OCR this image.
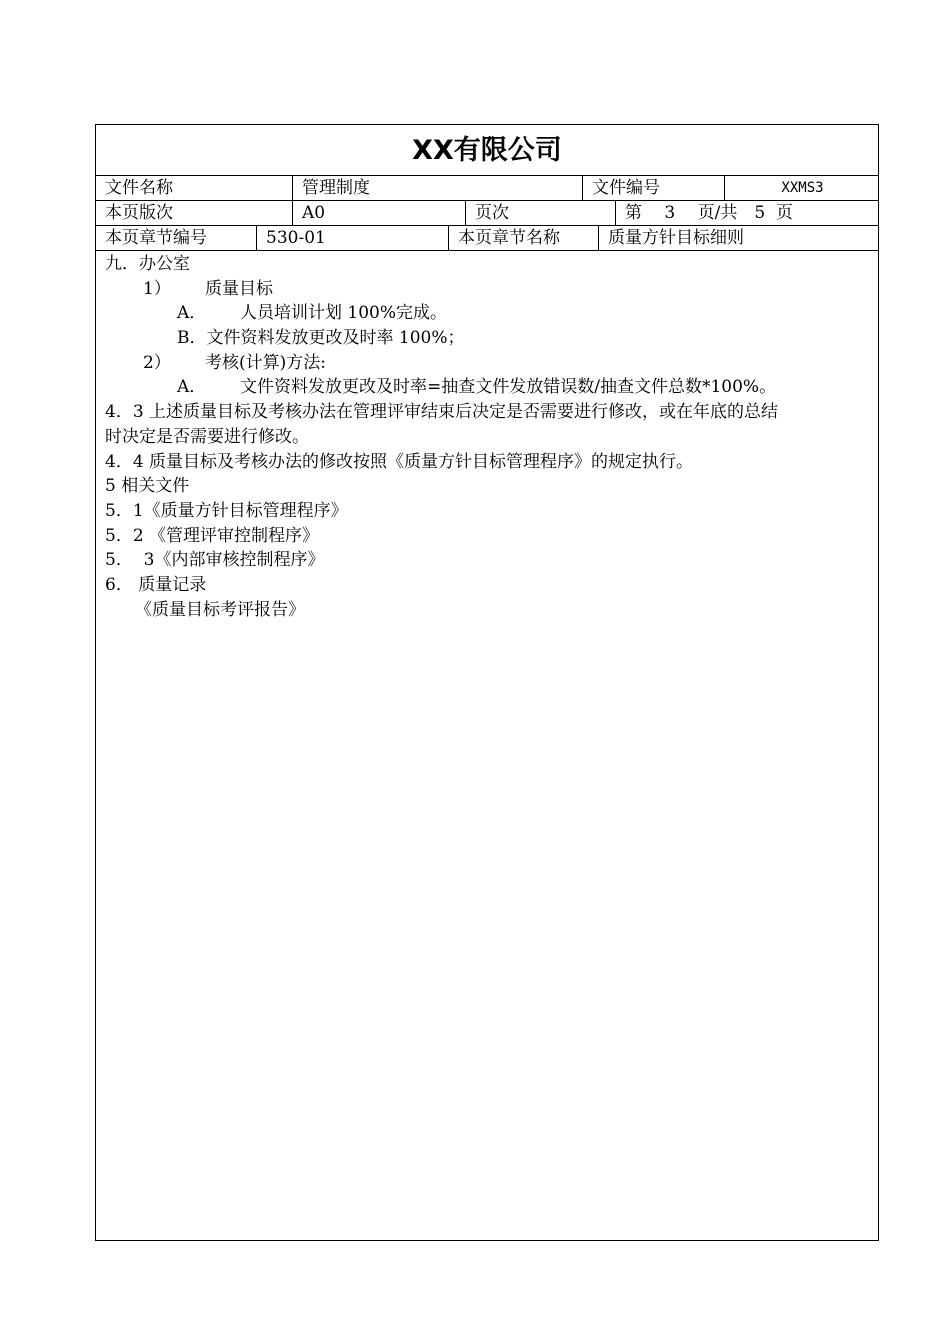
XX有限公司
文件名称	管理制度	文件编号	XXMS3
本页版次	A0	页次	第　 3　 页/共　5  页
本页章节编号	530-01	本页章节名称	质量方针目标细则
九．办公室
1） 质量目标
A． 人员培训计划 100%完成。
B．文件资料发放更改及时率 100%；
2） 考核(计算)方法:
A． 文件资料发放更改及时率=抽查文件发放错误数/抽查文件总数*100%。
4．3 上述质量目标及考核办法在管理评审结束后决定是否需要进行修改，或在年底的总结
时决定是否需要进行修改。
4．4 质量目标及考核办法的修改按照《质量方针目标管理程序》的规定执行。
5 相关文件
5．1《质量方针目标管理程序》
5．2 《管理评审控制程序》
5．  3《内部审核控制程序》
6． 质量记录
《质量目标考评报告》
